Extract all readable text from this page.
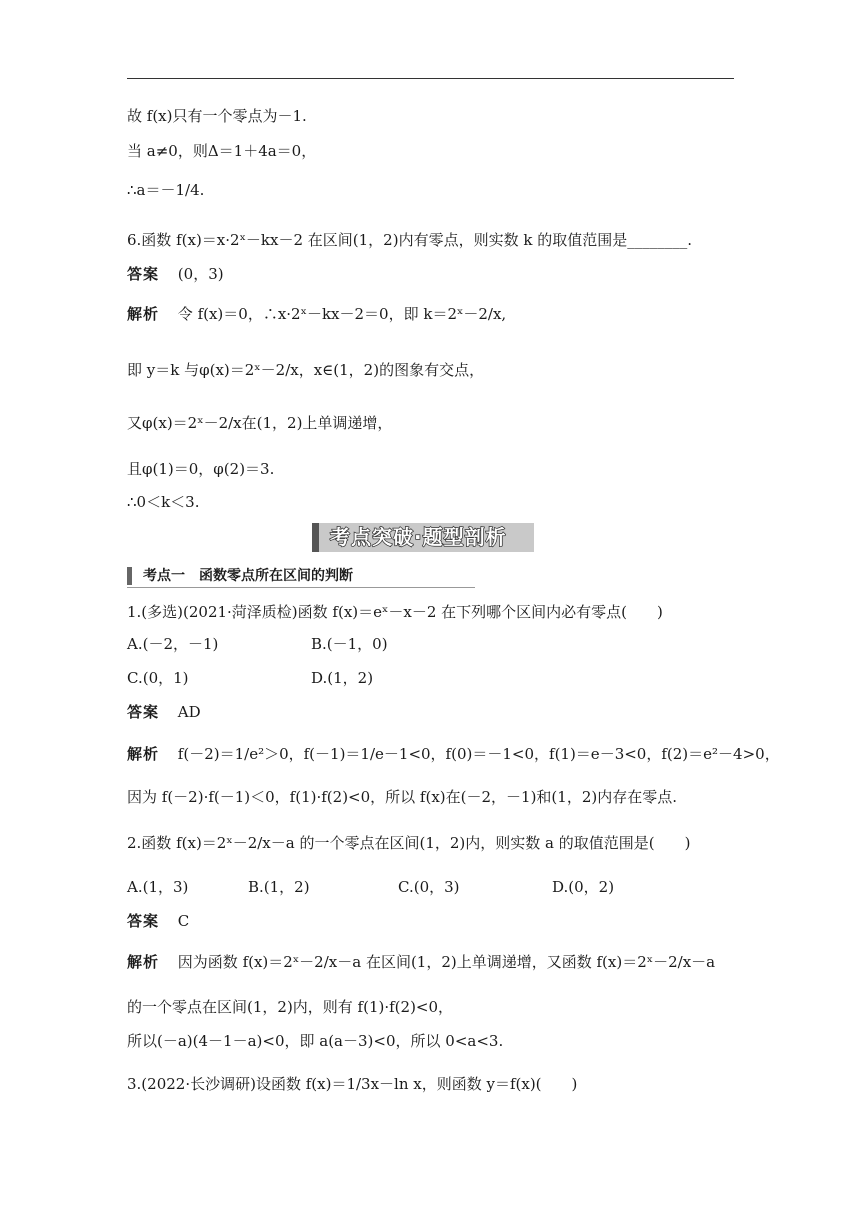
故 f(x)只有一个零点为－1.
当 a≠0，则Δ＝1＋4a＝0，
∴a＝－1/4.
6.函数 f(x)＝x·2ˣ－kx－2 在区间(1，2)内有零点，则实数 k 的取值范围是________.
答案 (0，3)
解析 令 f(x)＝0，∴x·2ˣ－kx－2＝0，即 k＝2ˣ－2/x,
即 y＝k 与φ(x)＝2ˣ－2/x，x∈(1，2)的图象有交点，
又φ(x)＝2ˣ－2/x在(1，2)上单调递增，
且φ(1)＝0，φ(2)＝3.
∴0＜k＜3.
考点突破·题型剖析
考点一　函数零点所在区间的判断
1.(多选)(2021·菏泽质检)函数 f(x)＝eˣ－x－2 在下列哪个区间内必有零点(　　)
A.(－2，－1)	B.(－1，0)
C.(0，1)	D.(1，2)
答案 AD
解析 f(－2)＝1/e²＞0，f(－1)＝1/e－1<0，f(0)＝－1<0，f(1)＝e－3<0，f(2)＝e²－4>0，
因为 f(－2)·f(－1)＜0，f(1)·f(2)<0，所以 f(x)在(－2，－1)和(1，2)内存在零点.
2.函数 f(x)＝2ˣ－2/x－a 的一个零点在区间(1，2)内，则实数 a 的取值范围是(　　)
A.(1，3)	B.(1，2)	C.(0，3)	D.(0，2)
答案 C
解析 因为函数 f(x)＝2ˣ－2/x－a 在区间(1，2)上单调递增，又函数 f(x)＝2ˣ－2/x－a
的一个零点在区间(1，2)内，则有 f(1)·f(2)<0，
所以(－a)(4－1－a)<0，即 a(a－3)<0，所以 0<a<3.
3.(2022·长沙调研)设函数 f(x)＝1/3x－ln x，则函数 y＝f(x)(　　)
